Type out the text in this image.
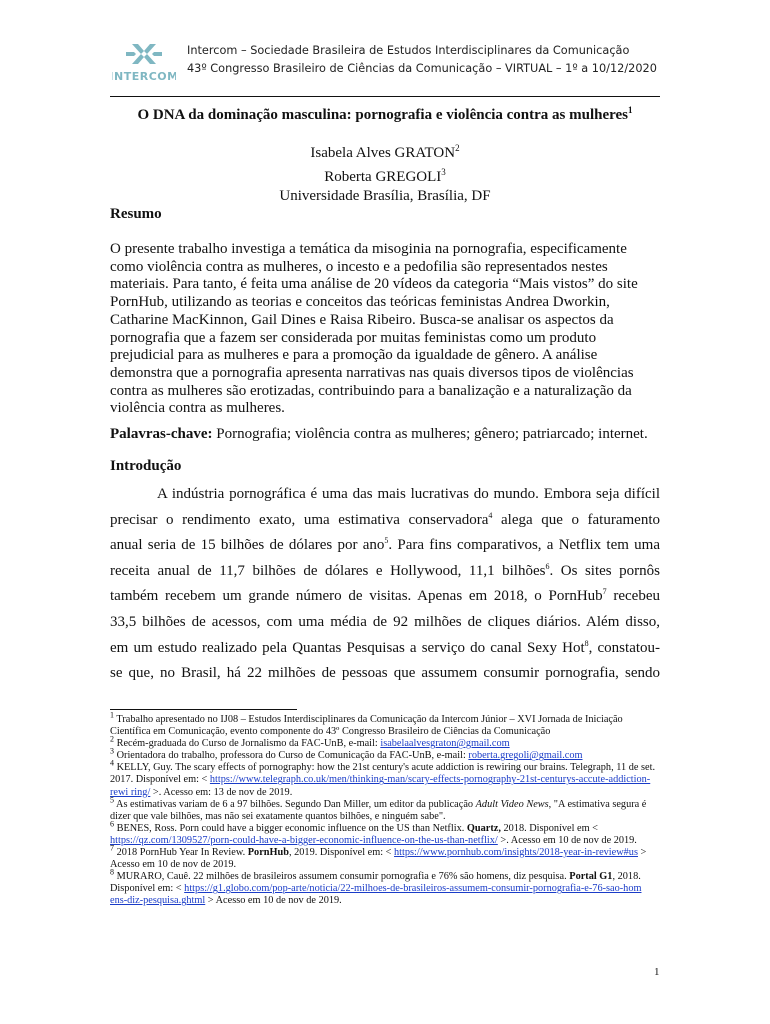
INTERCOM
Intercom – Sociedade Brasileira de Estudos Interdisciplinares da Comunicação
43º Congresso Brasileiro de Ciências da Comunicação – VIRTUAL – 1º a 10/12/2020
O DNA da dominação masculina: pornografia e violência contra as mulheres$^1$
Isabela Alves GRATON$^2$
Roberta GREGOLI$^3$
Universidade Brasília, Brasília, DF
Resumo

O presente trabalho investiga a temática da misoginia na pornografia, especificamente

como violência contra as mulheres, o incesto e a pedofilia são representados nestes

materiais. Para tanto, é feita uma análise de 20 vídeos da categoria “Mais vistos” do site

PornHub, utilizando as teorias e conceitos das teóricas feministas Andrea Dworkin,

Catharine MacKinnon, Gail Dines e Raisa Ribeiro. Busca-se analisar os aspectos da

pornografia que a fazem ser considerada por muitas feministas como um produto

prejudicial para as mulheres e para a promoção da igualdade de gênero. A análise

demonstra que a pornografia apresenta narrativas nas quais diversos tipos de violências

contra as mulheres são erotizadas, contribuindo para a banalização e a naturalização da

violência contra as mulheres.

Palavras-chave: Pornografia; violência contra as mulheres; gênero; patriarcado; internet.
Introdução
A indústria pornográfica é uma das mais lucrativas do mundo. Embora seja difícil
precisar o rendimento exato, uma estimativa conservadora$^4$ alega que o faturamento
anual seria de 15 bilhões de dólares por ano$^5$. Para fins comparativos, a Netflix tem uma
receita anual de 11,7 bilhões de dólares e Hollywood, 11,1 bilhões$^6$. Os sites pornôs
também recebem um grande número de visitas. Apenas em 2018, o PornHub$^7$ recebeu
33,5 bilhões de acessos, com uma média de 92 milhões de cliques diários. Além disso,
em um estudo realizado pela Quantas Pesquisas a serviço do canal Sexy Hot$^8$, constatou-
se que, no Brasil, há 22 milhões de pessoas que assumem consumir pornografia, sendo

$^1$ Trabalho apresentado no IJ08 – Estudos Interdisciplinares da Comunicação da Intercom Júnior – XVI Jornada de Iniciação Científica em Comunicação, evento componente do 43º Congresso Brasileiro de Ciências da Comunicação

$^2$ Recém-graduada do Curso de Jornalismo da FAC-UnB, e-mail: isabelaalvesgraton@gmail.com

$^3$ Orientadora do trabalho, professora do Curso de Comunicação da FAC-UnB, e-mail: roberta.gregoli@gmail.com

$^4$ KELLY, Guy. The scary effects of pornography: how the 21st century's acute addiction is rewiring our brains. Telegraph, 11 de set. 2017. Disponível em: < https://www.telegraph.co.uk/men/thinking-man/scary-effects-pornography-21st-centurys-accute-addiction-rewi ring/ >. Acesso em: 13 de nov de 2019.

$^5$ As estimativas variam de 6 a 97 bilhões. Segundo Dan Miller, um editor da publicação Adult Video News, "A estimativa segura é dizer que vale bilhões, mas não sei exatamente quantos bilhões, e ninguém sabe".

$^6$ BENES, Ross. Porn could have a bigger economic influence on the US than Netflix. Quartz, 2018. Disponível em < https://qz.com/1309527/porn-could-have-a-bigger-economic-influence-on-the-us-than-netflix/ >. Acesso em 10 de nov de 2019.

$^7$ 2018 PornHub Year In Review. PornHub, 2019. Disponível em: < https://www.pornhub.com/insights/2018-year-in-review#us > Acesso em 10 de nov de 2019.

$^8$ MURARO, Cauê. 22 milhões de brasileiros assumem consumir pornografia e 76% são homens, diz pesquisa. Portal G1, 2018. Disponível em: < https://g1.globo.com/pop-arte/noticia/22-milhoes-de-brasileiros-assumem-consumir-pornografia-e-76-sao-hom ens-diz-pesquisa.ghtml > Acesso em 10 de nov de 2019.

1
